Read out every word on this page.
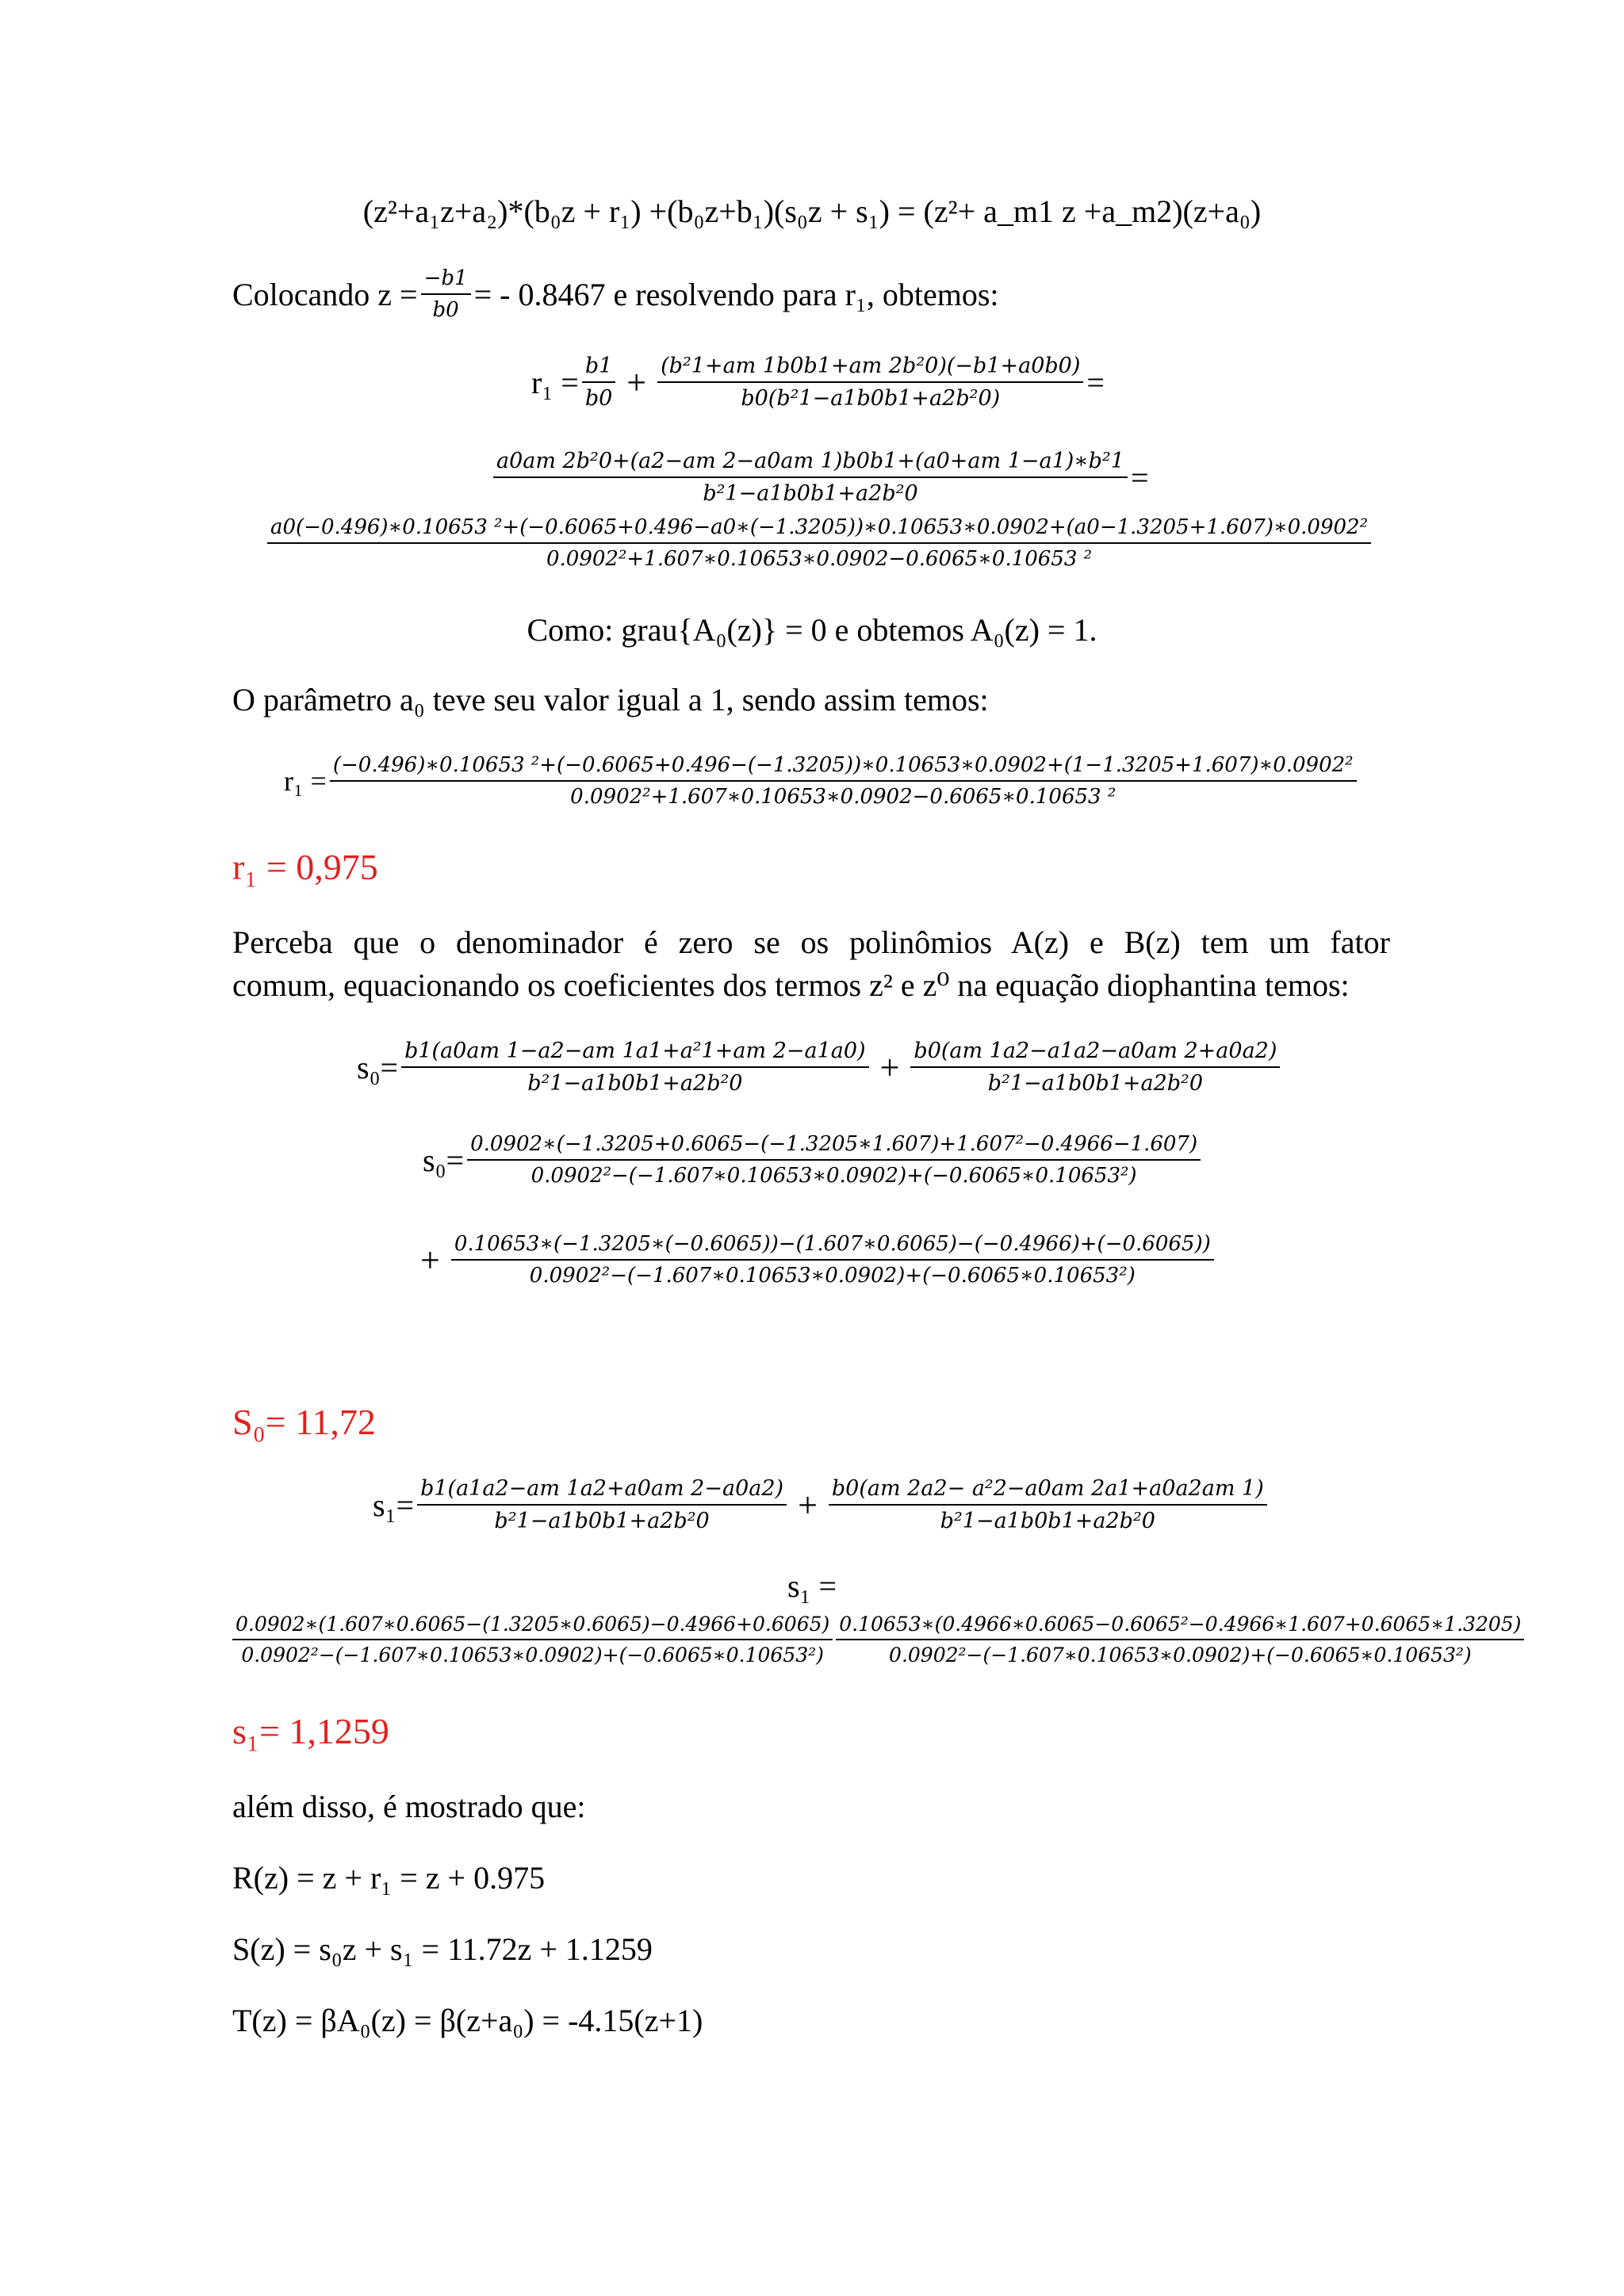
(z²+a₁z+a₂)*(b₀z + r₁) +(b₀z+b₁)(s₀z + s₁) = (z²+ a_m1 z +a_m2)(z+a₀)
Colocando $z = \frac{-b1}{b0}$ = - 0.8467 e resolvendo para r₁, obtemos:
$r_1 = \frac{b1}{b0} + \frac{\text{(b²1+am 1b0b1+am 2b²0)(−b1+a0b0)}}{\text{b0(b²1−a1b0b1+a2b²0)}}$ =
$\frac{\text{a0am 2b²0+(a2−am 2−a0am 1)b0b1+(a0+am 1−a1)∗b²1}}{\text{b²1−a1b0b1+a2b²0}}$ =
a0(−0.496)∗0.10653 ²+(−0.6065+0.496−a0∗(−1.3205))∗0.10653∗0.0902+(a0−1.3205+1.607)∗0.0902²
0.0902²+1.607∗0.10653∗0.0902−0.6065∗0.10653 ²
Como: grau{A₀(z)} = 0 e obtemos A₀(z) = 1.
O parâmetro a₀ teve seu valor igual a 1, sendo assim temos:
r₁ = (−0.496)∗0.10653 ²+(−0.6065+0.496−(−1.3205))∗0.10653∗0.0902+(1−1.3205+1.607)∗0.0902²
0.0902²+1.607∗0.10653∗0.0902−0.6065∗0.10653 ²
r₁ = 0,975
Perceba que o denominador é zero se os polinômios A(z) e B(z) tem um fator
comum, equacionando os coeficientes dos termos z² e z⁰ na equação diophantina temos:
$s_0= \frac{\text{b1(a0am 1−a2−am 1a1+a²1+am 2−a1a0)}}{\text{b²1−a1b0b1+a2b²0}} + \frac{b0(am 1a2-a1a2-a0am 2+a0a2)}{\text{b²1−a1b0b1+a2b²0}}$
$s_0= \frac{\text{0.0902∗(−1.3205+0.6065−(−1.3205∗1.607)+1.607²−0.4966−1.607)}}{\text{0.0902²−(−1.607∗0.10653∗0.0902)+(−0.6065∗0.10653²)}}$
+ 0.10653∗(−1.3205∗(−0.6065))−(1.607∗0.6065)−(−0.4966)+(−0.6065))
0.0902²−(−1.607∗0.10653∗0.0902)+(−0.6065∗0.10653²)
S₀= 11,72
$s_1= \frac{b1(a1a2-am 1a2+a0am 2-a0a2)}{\text{b²1−a1b0b1+a2b²0}} + \frac{\text{b0(am 2a2− a²2−a0am 2a1+a0a2am 1)}}{\text{b²1−a1b0b1+a2b²0}}$
s₁ =
$\frac{0.0902∗(1.607∗0.6065-(1.3205∗0.6065)-0.4966+0.6065)}{\text{0.0902²−(−1.607∗0.10653∗0.0902)+(−0.6065∗0.10653²)}} \frac{\text{0.10653∗(0.4966∗0.6065−0.6065²−0.4966∗1.607+0.6065∗1.3205)}}{\text{0.0902²−(−1.607∗0.10653∗0.0902)+(−0.6065∗0.10653²)}}$
s₁= 1,1259
além disso, é mostrado que:
R(z) = z + r₁ = z + 0.975
S(z) = s₀z + s₁ = 11.72z + 1.1259
T(z) = βA₀(z) = β(z+a₀) = -4.15(z+1)
